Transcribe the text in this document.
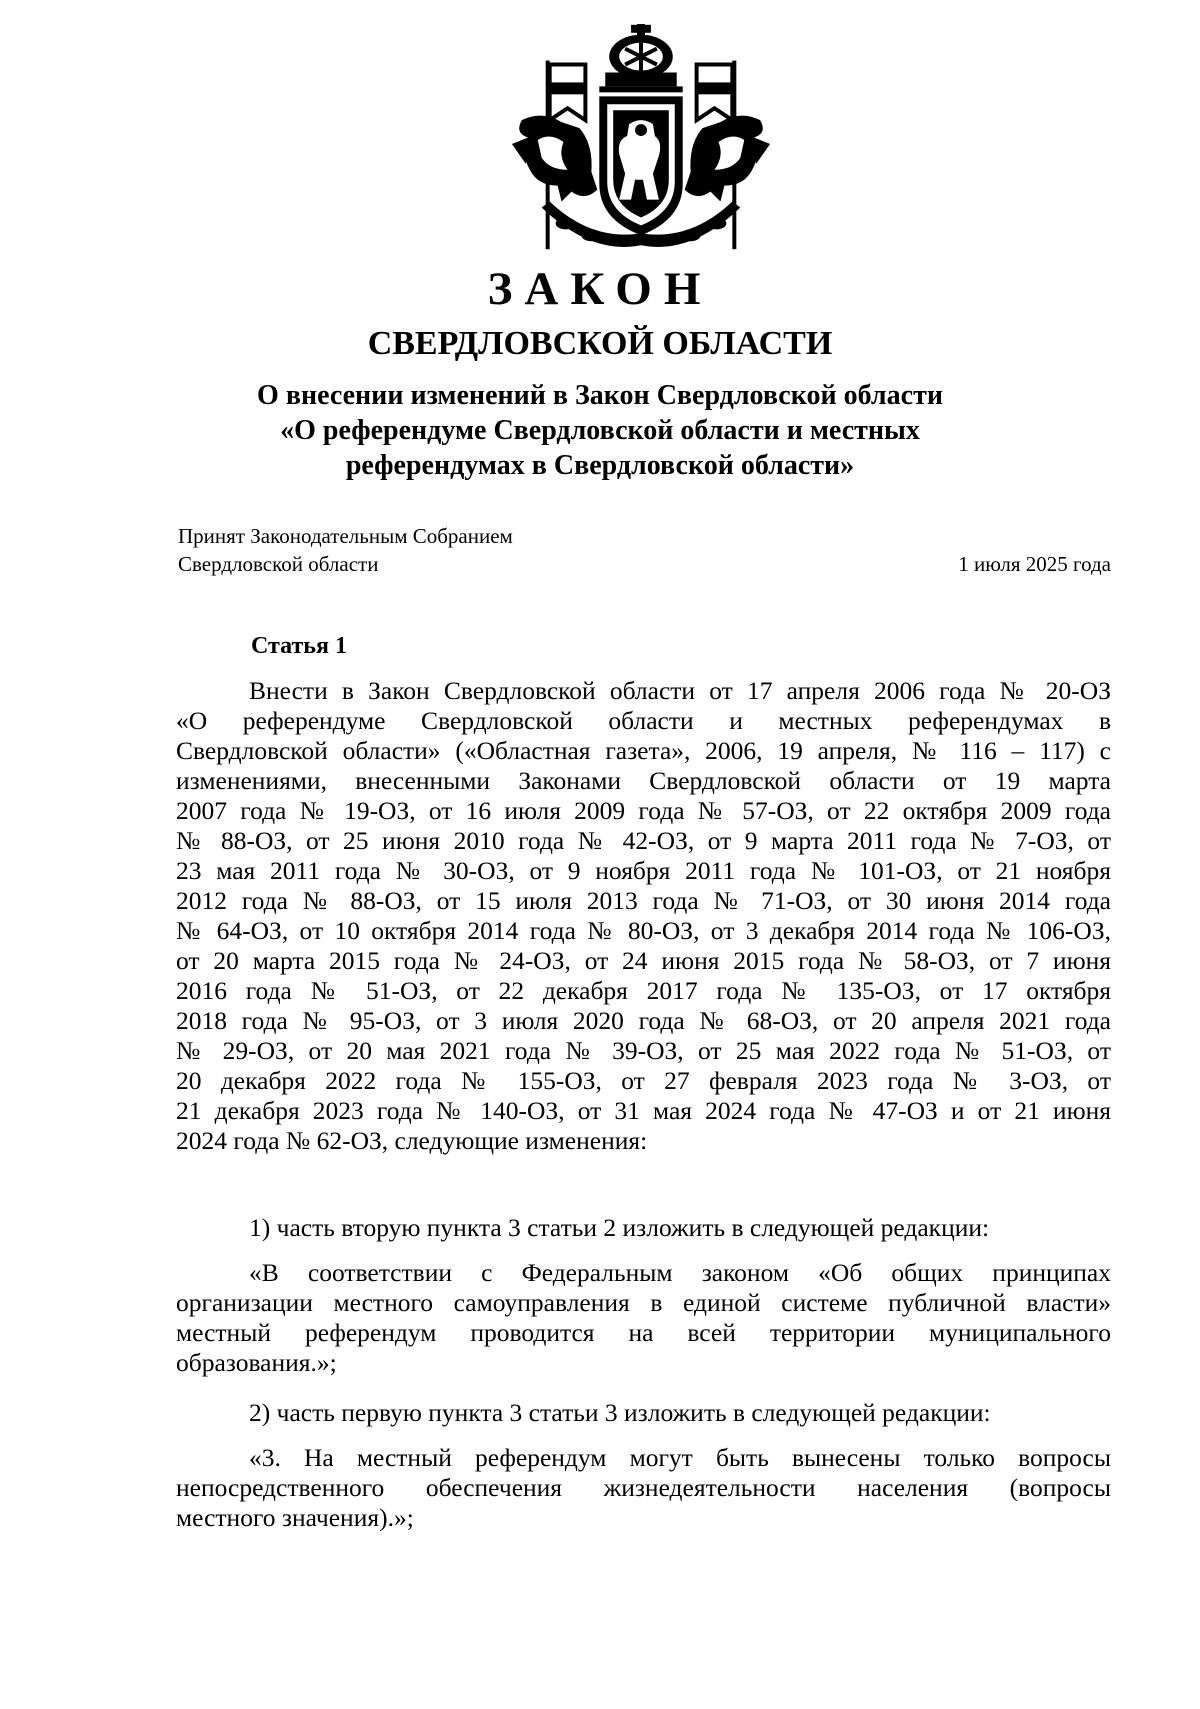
ЗАКОН
СВЕРДЛОВСКОЙ ОБЛАСТИ
О внесении изменений в Закон Свердловской области
«О референдуме Свердловской области и местных
референдумах в Свердловской области»
Принят Законодательным Собранием
Свердловской области	1 июля 2025 года
Статья 1
Внести в Закон Свердловской области от 17 апреля 2006 года № 20-ОЗ
«О референдуме Свердловской области и местных референдумах в
Свердловской области» («Областная газета», 2006, 19 апреля, № 116 – 117) с
изменениями, внесенными Законами Свердловской области от 19 марта
2007 года № 19-ОЗ, от 16 июля 2009 года № 57-ОЗ, от 22 октября 2009 года
№ 88-ОЗ, от 25 июня 2010 года № 42-ОЗ, от 9 марта 2011 года № 7-ОЗ, от
23 мая 2011 года № 30-ОЗ, от 9 ноября 2011 года № 101-ОЗ, от 21 ноября
2012 года № 88-ОЗ, от 15 июля 2013 года № 71-ОЗ, от 30 июня 2014 года
№ 64-ОЗ, от 10 октября 2014 года № 80-ОЗ, от 3 декабря 2014 года № 106-ОЗ,
от 20 марта 2015 года № 24-ОЗ, от 24 июня 2015 года № 58-ОЗ, от 7 июня
2016 года № 51-ОЗ, от 22 декабря 2017 года № 135-ОЗ, от 17 октября
2018 года № 95-ОЗ, от 3 июля 2020 года № 68-ОЗ, от 20 апреля 2021 года
№ 29-ОЗ, от 20 мая 2021 года № 39-ОЗ, от 25 мая 2022 года № 51-ОЗ, от
20 декабря 2022 года № 155-ОЗ, от 27 февраля 2023 года № 3-ОЗ, от
21 декабря 2023 года № 140-ОЗ, от 31 мая 2024 года № 47-ОЗ и от 21 июня
2024 года № 62-ОЗ, следующие изменения:
1) часть вторую пункта 3 статьи 2 изложить в следующей редакции:
«В соответствии с Федеральным законом «Об общих принципах
организации местного самоуправления в единой системе публичной власти»
местный референдум проводится на всей территории муниципального
образования.»;
2) часть первую пункта 3 статьи 3 изложить в следующей редакции:
«3. На местный референдум могут быть вынесены только вопросы
непосредственного обеспечения жизнедеятельности населения (вопросы
местного значения).»;
